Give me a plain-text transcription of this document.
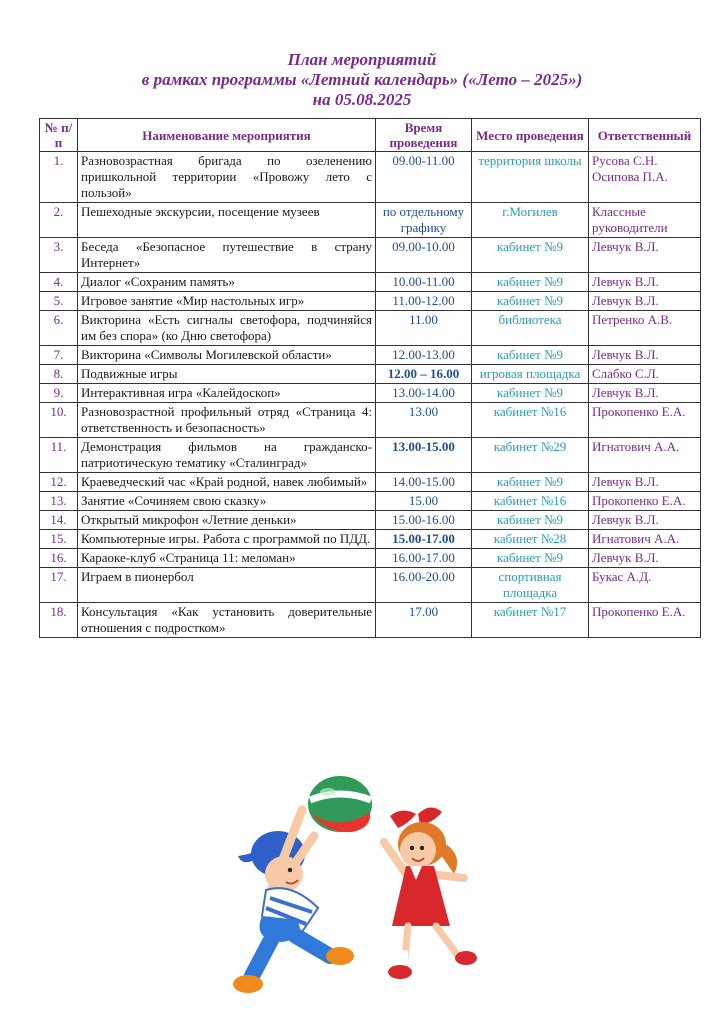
План мероприятий
в рамках программы «Летний календарь» («Лето – 2025»)
на 05.08.2025
№ п/п	Наименование мероприятия	Время проведения	Место проведения	Ответственный
1.	Разновозрастная бригада по озеленению пришкольной территории «Провожу лето с пользой»	09.00-11.00	территория школы	Русова С.Н. Осипова П.А.
2.	Пешеходные экскурсии, посещение музеев	по отдельному графику	г.Могилев	Классные руководители
3.	Беседа «Безопасное путешествие в страну Интернет»	09.00-10.00	кабинет №9	Левчук В.Л.
4.	Диалог «Сохраним память»	10.00-11.00	кабинет №9	Левчук В.Л.
5.	Игровое занятие «Мир настольных игр»	11.00-12.00	кабинет №9	Левчук В.Л.
6.	Викторина «Есть сигналы светофора, подчиняйся им без спора» (ко Дню светофора)	11.00	библиотека	Петренко А.В.
7.	Викторина «Символы Могилевской области»	12.00-13.00	кабинет №9	Левчук В.Л.
8.	Подвижные игры	12.00 – 16.00	игровая площадка	Слабко С.Л.
9.	Интерактивная игра «Калейдоскоп»	13.00-14.00	кабинет №9	Левчук В.Л.
10.	Разновозрастной профильный отряд «Страница 4: ответственность и безопасность»	13.00	кабинет №16	Прокопенко Е.А.
11.	Демонстрация фильмов на гражданско-патриотическую тематику «Сталинград»	13.00-15.00	кабинет №29	Игнатович А.А.
12.	Краеведческий час «Край родной, навек любимый»	14.00-15.00	кабинет №9	Левчук В.Л.
13.	Занятие «Сочиняем свою сказку»	15.00	кабинет №16	Прокопенко Е.А.
14.	Открытый микрофон «Летние деньки»	15.00-16.00	кабинет №9	Левчук В.Л.
15.	Компьютерные игры. Работа с программой по ПДД.	15.00-17.00	кабинет №28	Игнатович А.А.
16.	Караоке-клуб «Страница 11: меломан»	16.00-17.00	кабинет №9	Левчук В.Л.
17.	Играем в пионербол	16.00-20.00	спортивная площадка	Букас А.Д.
18.	Консультация «Как установить доверительные отношения с подростком»	17.00	кабинет №17	Прокопенко Е.А.
